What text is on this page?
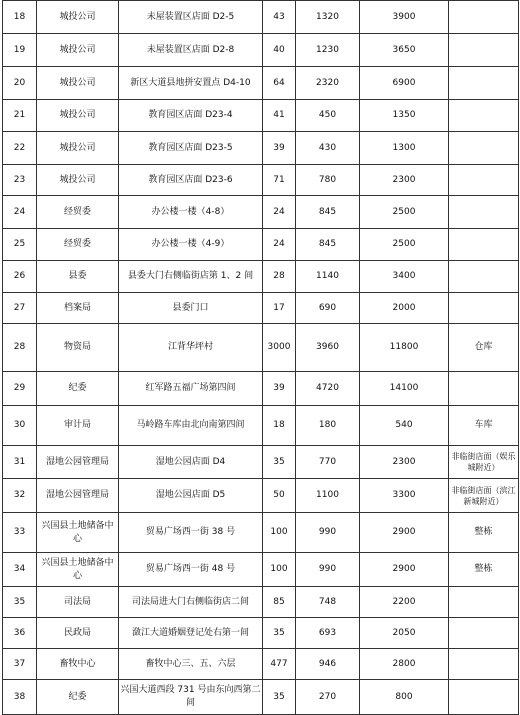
18	城投公司	未屋装置区店面 D2-5	43	1320	3900	
19	城投公司	未屋装置区店面 D2-8	40	1230	3650	
20	城投公司	新区大道县地拼安置点 D4-10	64	2320	6900	
21	城投公司	教育园区店面 D23-4	41	450	1350	
22	城投公司	教育园区店面 D23-5	39	430	1300	
23	城投公司	教育园区店面 D23-6	71	780	2300	
24	经贸委	办公楼一楼（4-8）	24	845	2500	
25	经贸委	办公楼一楼（4-9）	24	845	2500	
26	县委	县委大门右侧临街店第 1、2 间	28	1140	3400	
27	档案局	县委门口	17	690	2000	
28	物资局	江背华坪村	3000	3960	11800	仓库
29	纪委	红军路五福广场第四间	39	4720	14100	
30	审计局	马岭路车库由北向南第四间	18	180	540	车库
31	湿地公园管理局	湿地公园店面 D4	35	770	2300	非临街店面（娱乐城附近）
32	湿地公园管理局	湿地公园店面 D5	50	1100	3300	非临街店面（滨江新城附近）
33	兴国县土地储备中心	贸易广场西一街 38 号	100	990	2900	整栋
34	兴国县土地储备中心	贸易广场西一街 48 号	100	990	2900	整栋
35	司法局	司法局进大门右侧临街店二间	85	748	2200	
36	民政局	潋江大道婚姻登记处右第一间	35	693	2050	
37	畜牧中心	畜牧中心三、五、六层	477	946	2800	
38	纪委	兴国大道西段 731 号由东向西第二间	35	270	800	
